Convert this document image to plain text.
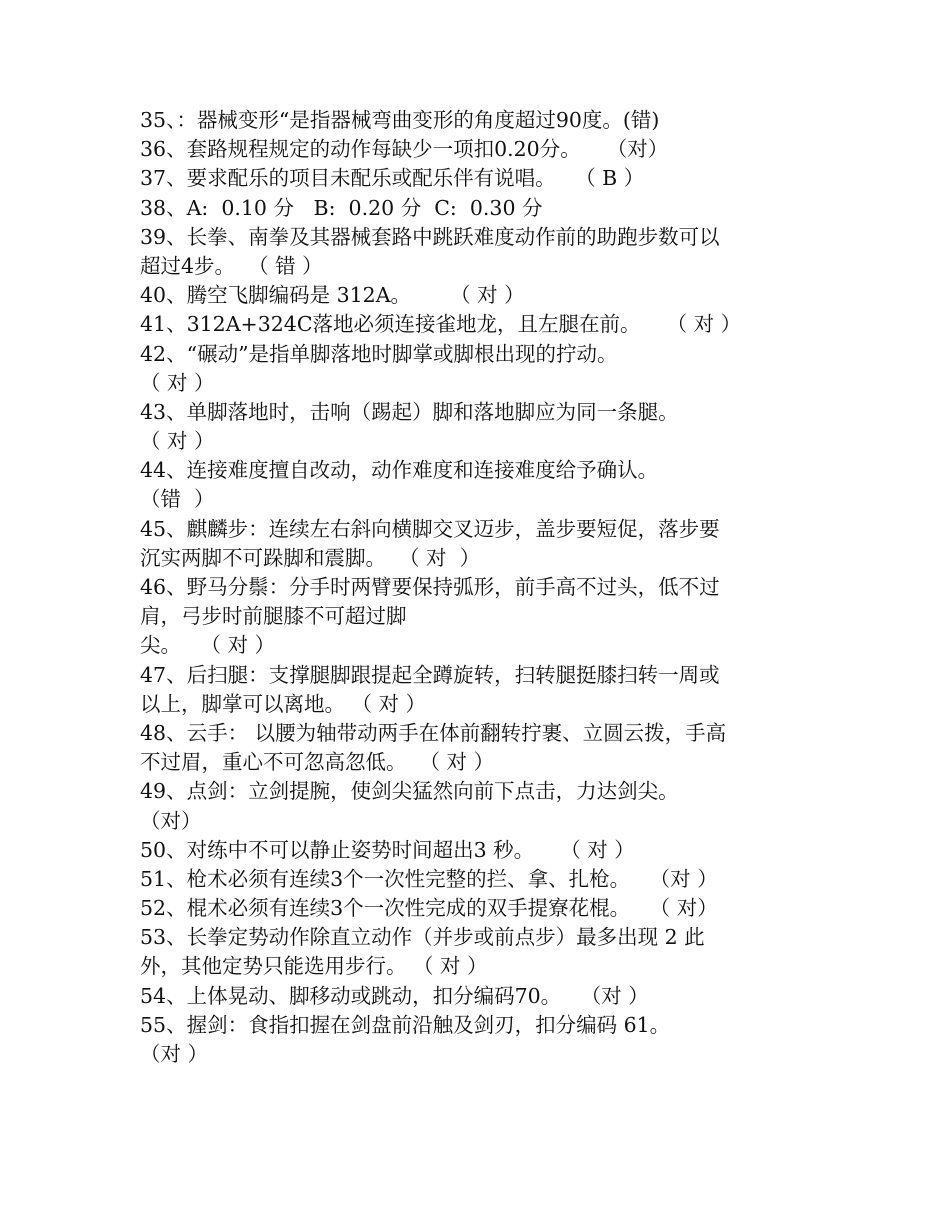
35、：器械变形“是指器械弯曲变形的角度超过90度。(错)
36、套路规程规定的动作每缺少一项扣0.20分。    （对）
37、要求配乐的项目未配乐或配乐伴有说唱。   （ B ）
38、A:  0.10 分   B:  0.20 分  C:  0.30 分
39、长拳、南拳及其器械套路中跳跃难度动作前的助跑步数可以
超过4步。  （ 错 ）
40、腾空飞脚编码是 312A。      （ 对 ）
41、312A+324C落地必须连接雀地龙，且左腿在前。    （ 对 ）
42、“碾动”是指单脚落地时脚掌或脚根出现的拧动。
（ 对 ）
43、单脚落地时，击响（踢起）脚和落地脚应为同一条腿。
（ 对 ）
44、连接难度擅自改动，动作难度和连接难度给予确认。
（错  ）
45、麒麟步：连续左右斜向横脚交叉迈步，盖步要短促，落步要
沉实两脚不可跺脚和震脚。  （ 对  ）
46、野马分鬃：分手时两臂要保持弧形，前手高不过头，低不过
肩，弓步时前腿膝不可超过脚
尖。   （ 对 ）
47、后扫腿：支撑腿脚跟提起全蹲旋转，扫转腿挺膝扫转一周或
以上，脚掌可以离地。 （ 对 ）
48、云手： 以腰为轴带动两手在体前翻转拧裹、立圆云拨，手高
不过眉，重心不可忽高忽低。  （ 对 ）
49、点剑：立剑提腕，使剑尖猛然向前下点击，力达剑尖。
（对）
50、对练中不可以静止姿势时间超出3 秒。    （ 对 ）
51、枪术必须有连续3个一次性完整的拦、拿、扎枪。   （对 ）
52、棍术必须有连续3个一次性完成的双手提寮花棍。   （ 对）
53、长拳定势动作除直立动作（并步或前点步）最多出现 2 此
外，其他定势只能选用步行。 （ 对 ）
54、上体晃动、脚移动或跳动，扣分编码70。   （对 ）
55、握剑：食指扣握在剑盘前沿触及剑刃，扣分编码 61。
（对 ）
